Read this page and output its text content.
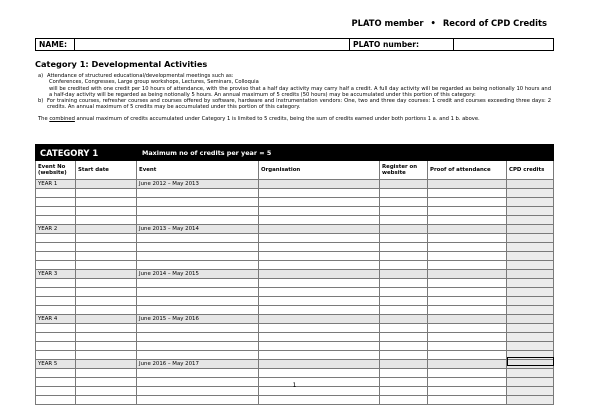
PLATO member • Record of CPD Credits
NAME:		PLATO number:	
Category 1: Developmental Activities
a) Attendance of structured educational/developmental meetings such as:
Conferences, Congresses, Large group workshops, Lectures, Seminars, Colloquia
will be credited with one credit per 10 hours of attendance, with the proviso that a half day activity may carry half a credit. A full day activity will be regarded as being notionally 10 hours and a half-day activity will be regarded as being notionally 5 hours. An annual maximum of 5 credits (50 hours) may be accumulated under this portion of this category:
b) For training courses, refresher courses and courses offered by software, hardware and instrumentation vendors: One, two and three day courses: 1 credit and courses exceeding three days: 2 credits. An annual maximum of 5 credits may be accumulated under this portion of this category.
The combined annual maximum of credits accumulated under Category 1 is limited to 5 credits, being the sum of credits earned under both portions 1 a. and 1 b. above.
CATEGORY 1		Maximum no of credits per year = 5				
Event No (website)	Start date	Event	Organisation	Register on website	Proof of attendance	CPD credits
YEAR 1		June 2012 – May 2013				

YEAR 2		June 2013 – May 2014				

YEAR 3		June 2014 – May 2015				

YEAR 4		June 2015 – May 2016				

YEAR 5		June 2016 – May 2017				

1
